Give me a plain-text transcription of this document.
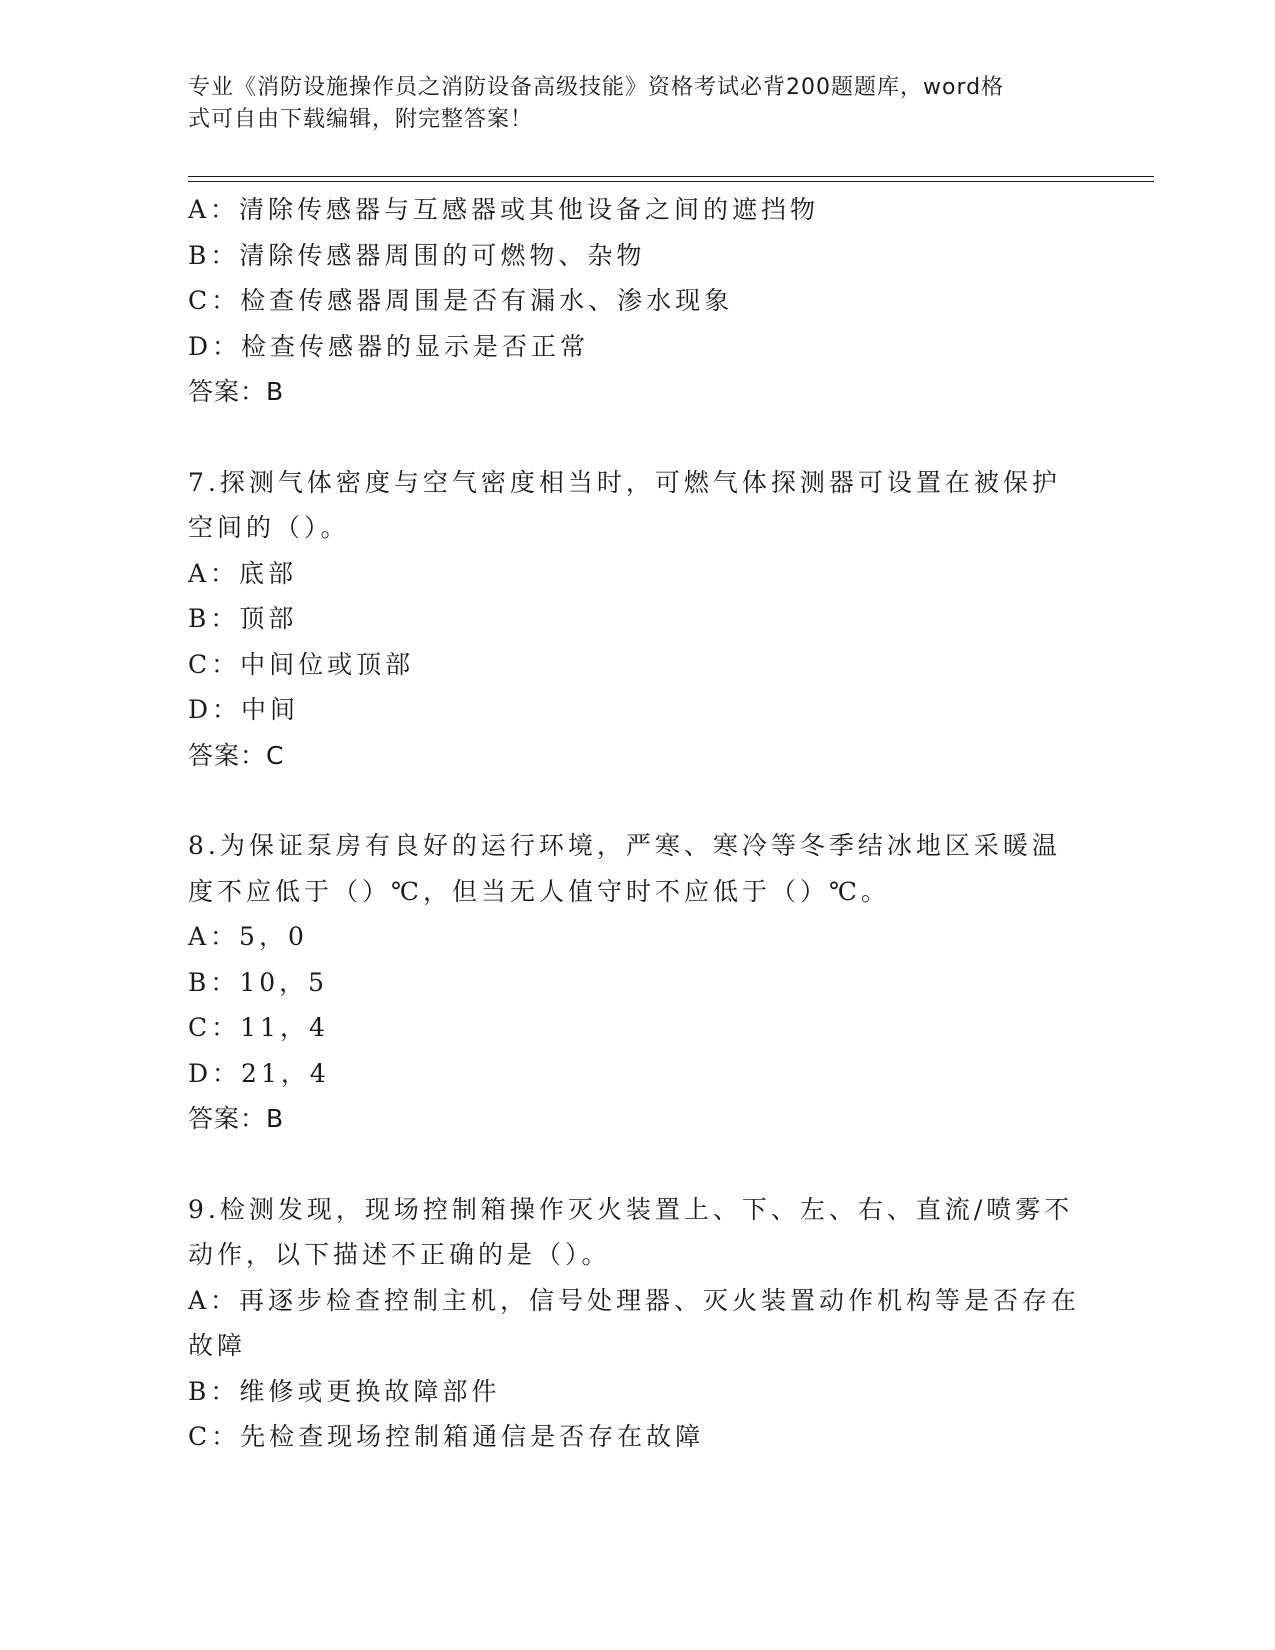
专业《消防设施操作员之消防设备高级技能》资格考试必背200题题库，word格
式可自由下载编辑，附完整答案！
A：清除传感器与互感器或其他设备之间的遮挡物
B：清除传感器周围的可燃物、杂物
C：检查传感器周围是否有漏水、渗水现象
D：检查传感器的显示是否正常
答案：B
7.探测气体密度与空气密度相当时，可燃气体探测器可设置在被保护
空间的（）。
A：底部
B：顶部
C：中间位或顶部
D：中间
答案：C
8.为保证泵房有良好的运行环境，严寒、寒冷等冬季结冰地区采暖温
度不应低于（）℃，但当无人值守时不应低于（）℃。
A：5，0
B：10，5
C：11，4
D：21，4
答案：B
9.检测发现，现场控制箱操作灭火装置上、下、左、右、直流/喷雾不
动作，以下描述不正确的是（）。
A：再逐步检查控制主机，信号处理器、灭火装置动作机构等是否存在
故障
B：维修或更换故障部件
C：先检查现场控制箱通信是否存在故障
